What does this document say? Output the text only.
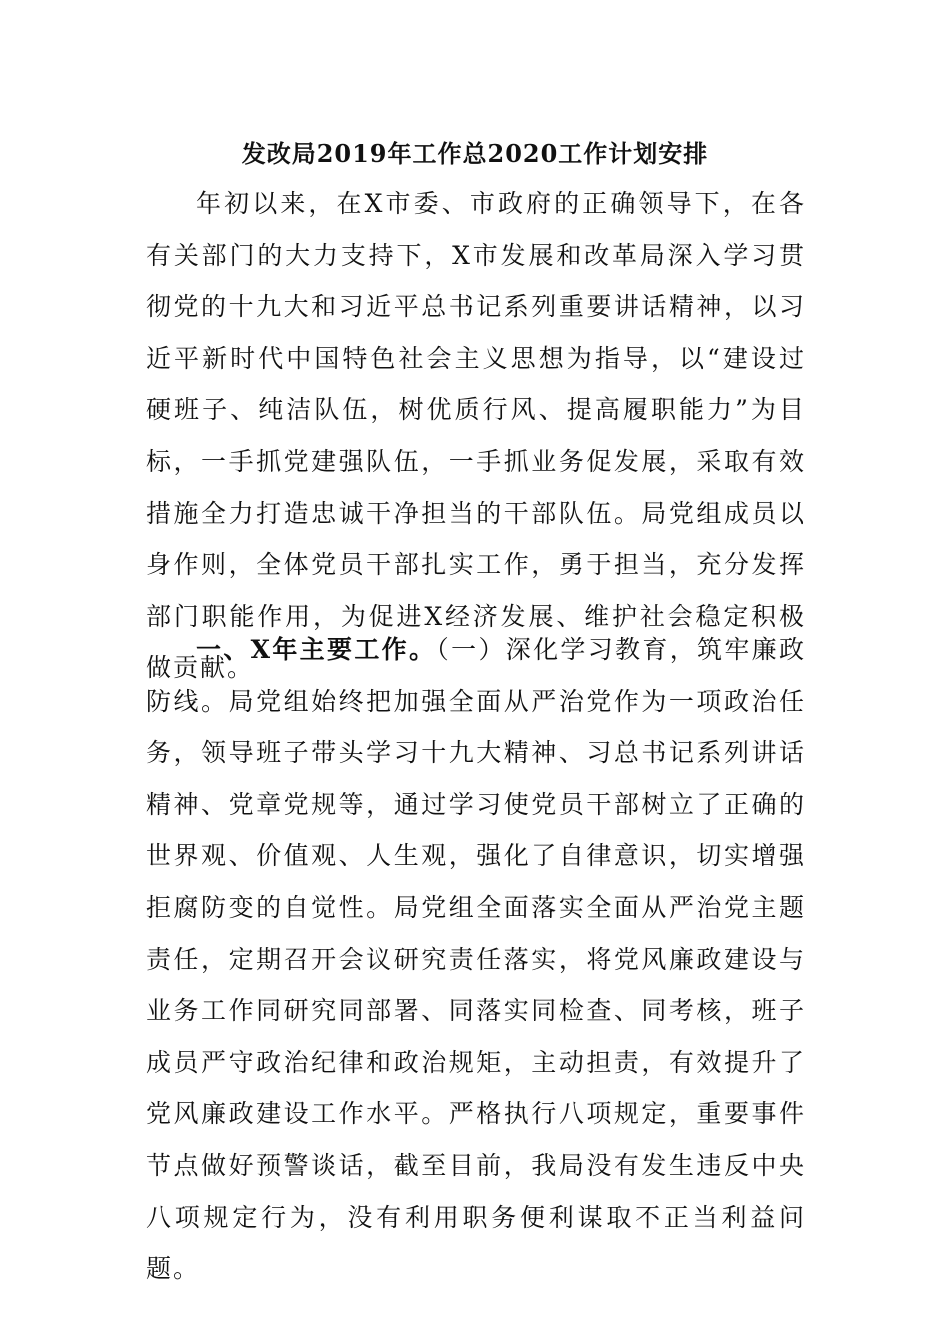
发改局2019年工作总2020工作计划安排

年初以来，在X市委、市政府的正确领导下，在各有关部门的大力支持下，X市发展和改革局深入学习贯彻党的十九大和习近平总书记系列重要讲话精神，以习近平新时代中国特色社会主义思想为指导，以“建设过硬班子、纯洁队伍，树优质行风、提高履职能力”为目标，一手抓党建强队伍，一手抓业务促发展，采取有效措施全力打造忠诚干净担当的干部队伍。局党组成员以身作则，全体党员干部扎实工作，勇于担当，充分发挥部门职能作用，为促进X经济发展、维护社会稳定积极做贡献。

一、X年主要工作。（一）深化学习教育，筑牢廉政防线。局党组始终把加强全面从严治党作为一项政治任务，领导班子带头学习十九大精神、习总书记系列讲话精神、党章党规等，通过学习使党员干部树立了正确的世界观、价值观、人生观，强化了自律意识，切实增强拒腐防变的自觉性。局党组全面落实全面从严治党主题责任，定期召开会议研究责任落实，将党风廉政建设与业务工作同研究同部署、同落实同检查、同考核，班子成员严守政治纪律和政治规矩，主动担责，有效提升了党风廉政建设工作水平。严格执行八项规定，重要事件节点做好预警谈话，截至目前，我局没有发生违反中央八项规定行为，没有利用职务便利谋取不正当利益问题。
